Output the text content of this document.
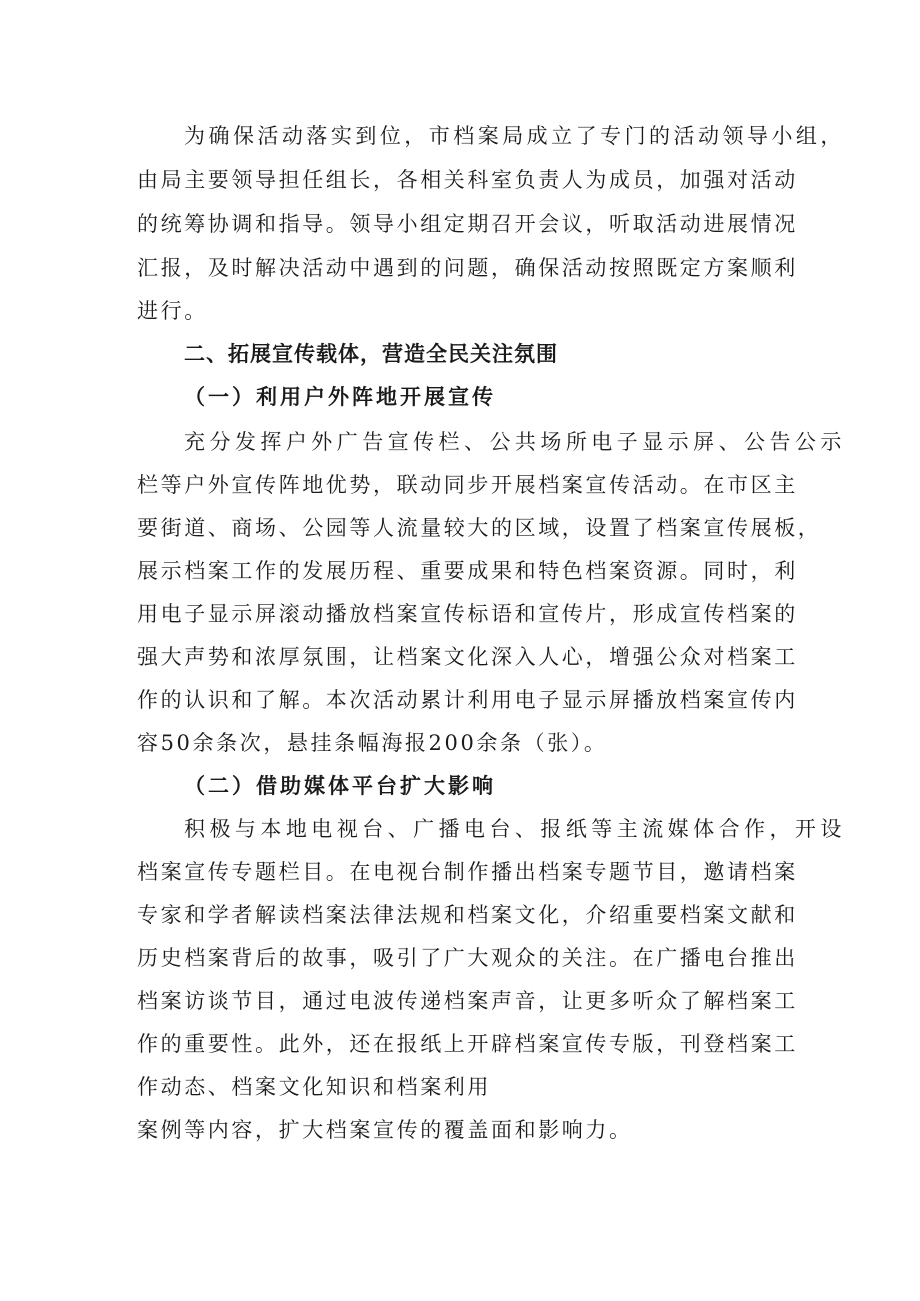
为确保活动落实到位，市档案局成立了专门的活动领导小组，
由局主要领导担任组长，各相关科室负责人为成员，加强对活动
的统筹协调和指导。领导小组定期召开会议，听取活动进展情况
汇报，及时解决活动中遇到的问题，确保活动按照既定方案顺利
进行。
二、拓展宣传载体，营造全民关注氛围
（一）利用户外阵地开展宣传
充分发挥户外广告宣传栏、公共场所电子显示屏、公告公示
栏等户外宣传阵地优势，联动同步开展档案宣传活动。在市区主
要街道、商场、公园等人流量较大的区域，设置了档案宣传展板，
展示档案工作的发展历程、重要成果和特色档案资源。同时，利
用电子显示屏滚动播放档案宣传标语和宣传片，形成宣传档案的
强大声势和浓厚氛围，让档案文化深入人心，增强公众对档案工
作的认识和了解。本次活动累计利用电子显示屏播放档案宣传内
容50余条次，悬挂条幅海报200余条（张）。
（二）借助媒体平台扩大影响
积极与本地电视台、广播电台、报纸等主流媒体合作，开设
档案宣传专题栏目。在电视台制作播出档案专题节目，邀请档案
专家和学者解读档案法律法规和档案文化，介绍重要档案文献和
历史档案背后的故事，吸引了广大观众的关注。在广播电台推出
档案访谈节目，通过电波传递档案声音，让更多听众了解档案工
作的重要性。此外，还在报纸上开辟档案宣传专版，刊登档案工
作动态、档案文化知识和档案利用
案例等内容，扩大档案宣传的覆盖面和影响力。
